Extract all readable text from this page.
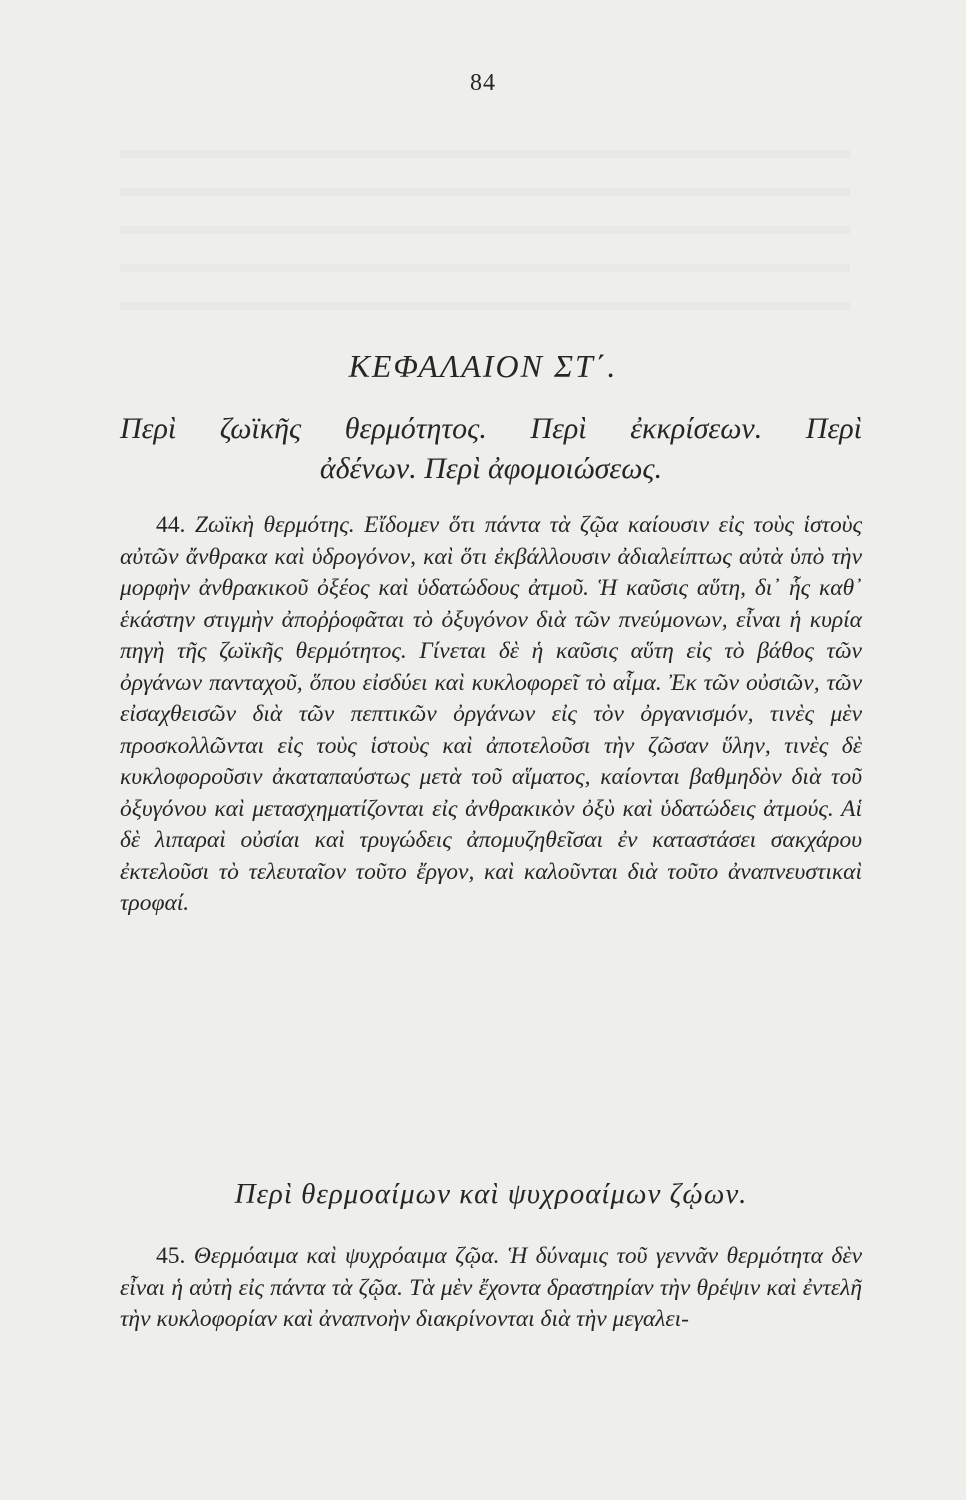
84
ΚΕΦΑΛΑΙΟΝ ΣΤ΄.

Περὶ ζωϊκῆς θερμότητος. Περὶ ἐκκρίσεων. Περὶ

ἀδένων. Περὶ ἀφομοιώσεως.

44. Ζωϊκὴ θερμότης. Εἴδομεν ὅτι πάντα τὰ ζῷα καίουσιν εἰς τοὺς ἱστοὺς αὐτῶν ἄνθρακα καὶ ὑδρογόνον, καὶ ὅτι ἐκβάλλουσιν ἀδιαλείπτως αὐτὰ ὑπὸ τὴν μορφὴν ἀνθρακικοῦ ὀξέος καὶ ὑδατώδους ἀτμοῦ. Ἡ καῦσις αὕτη, δι᾿ ἧς καθ᾿ ἑκάστην στιγμὴν ἀποῤῥοφᾶται τὸ ὀξυγόνον διὰ τῶν πνεύμονων, εἶναι ἡ κυρία πηγὴ τῆς ζωϊκῆς θερμότητος. Γίνεται δὲ ἡ καῦσις αὕτη εἰς τὸ βάθος τῶν ὀργάνων πανταχοῦ, ὅπου εἰσδύει καὶ κυκλοφορεῖ τὸ αἷμα. Ἐκ τῶν οὐσιῶν, τῶν εἰσαχθεισῶν διὰ τῶν πεπτικῶν ὀργάνων εἰς τὸν ὀργανισμόν, τινὲς μὲν προσκολλῶνται εἰς τοὺς ἱστοὺς καὶ ἀποτελοῦσι τὴν ζῶσαν ὕλην, τινὲς δὲ κυκλοφοροῦσιν ἀκαταπαύστως μετὰ τοῦ αἵματος, καίονται βαθμηδὸν διὰ τοῦ ὀξυγόνου καὶ μετασχηματίζονται εἰς ἀνθρακικὸν ὀξὺ καὶ ὑδατώδεις ἀτμούς. Αἱ δὲ λιπαραὶ οὐσίαι καὶ τρυγώδεις ἀπομυζηθεῖσαι ἐν καταστάσει σακχάρου ἐκτελοῦσι τὸ τελευταῖον τοῦτο ἔργον, καὶ καλοῦνται διὰ τοῦτο ἀναπνευστικαὶ τροφαί.

Περὶ θερμοαίμων καὶ ψυχροαίμων ζῴων.

45. Θερμόαιμα καὶ ψυχρόαιμα ζῷα. Ἡ δύναμις τοῦ γεννᾶν θερμότητα δὲν εἶναι ἡ αὐτὴ εἰς πάντα τὰ ζῷα. Τὰ μὲν ἔχοντα δραστηρίαν τὴν θρέψιν καὶ ἐντελῆ τὴν κυκλοφορίαν καὶ ἀναπνοὴν διακρίνονται διὰ τὴν μεγαλει-
